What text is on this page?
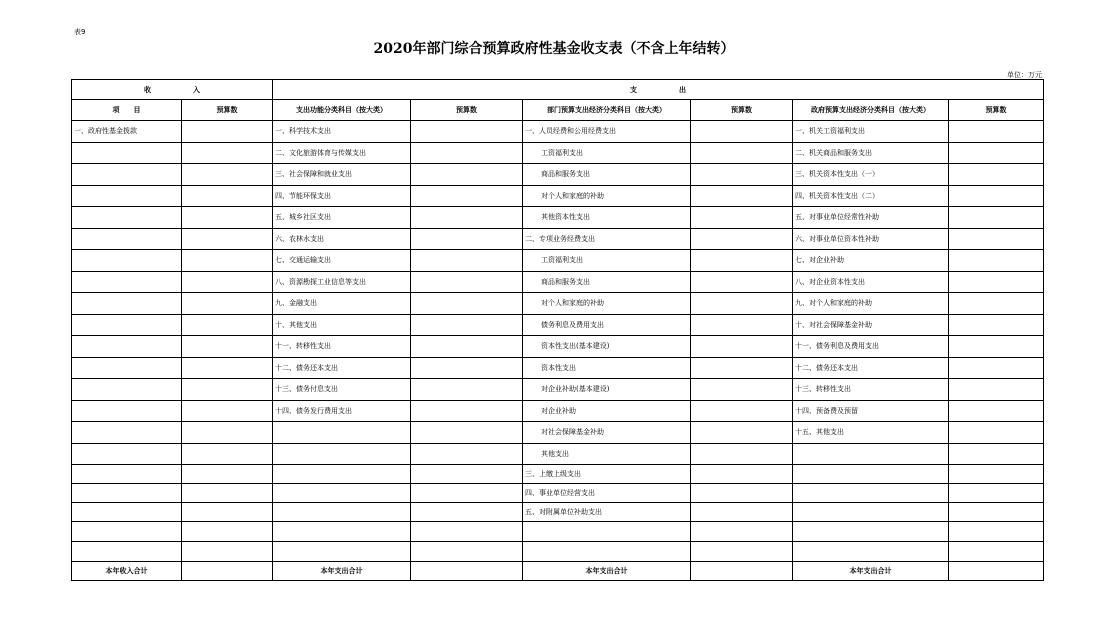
表9
2020年部门综合预算政府性基金收支表（不含上年结转）
单位：万元
收　　　　　　入		支　　　　　　出					
项　　目	预算数	支出功能分类科目（按大类）	预算数	部门预算支出经济分类科目（按大类）	预算数	政府预算支出经济分类科目（按大类）	预算数
一、政府性基金拨款		一、科学技术支出		一、人员经费和公用经费支出		一、机关工资福利支出	
		二、文化旅游体育与传媒支出		工资福利支出		二、机关商品和服务支出	
		三、社会保障和就业支出		商品和服务支出		三、机关资本性支出（一）	
		四、节能环保支出		对个人和家庭的补助		四、机关资本性支出（二）	
		五、城乡社区支出		其他资本性支出		五、对事业单位经常性补助	
		六、农林水支出		二、专项业务经费支出		六、对事业单位资本性补助	
		七、交通运输支出		工资福利支出		七、对企业补助	
		八、资源勘探工业信息等支出		商品和服务支出		八、对企业资本性支出	
		九、金融支出		对个人和家庭的补助		九、对个人和家庭的补助	
		十、其他支出		债务利息及费用支出		十、对社会保障基金补助	
		十一、转移性支出		资本性支出(基本建设)		十一、债务利息及费用支出	
		十二、债务还本支出		资本性支出		十二、债务还本支出	
		十三、债务付息支出		对企业补助(基本建设)		十三、转移性支出	
		十四、债务发行费用支出		对企业补助		十四、预备费及预留	
				对社会保障基金补助		十五、其他支出	
				其他支出			
				三、上缴上级支出			
				四、事业单位经营支出			
				五、对附属单位补助支出			

本年收入合计		本年支出合计		本年支出合计		本年支出合计	
